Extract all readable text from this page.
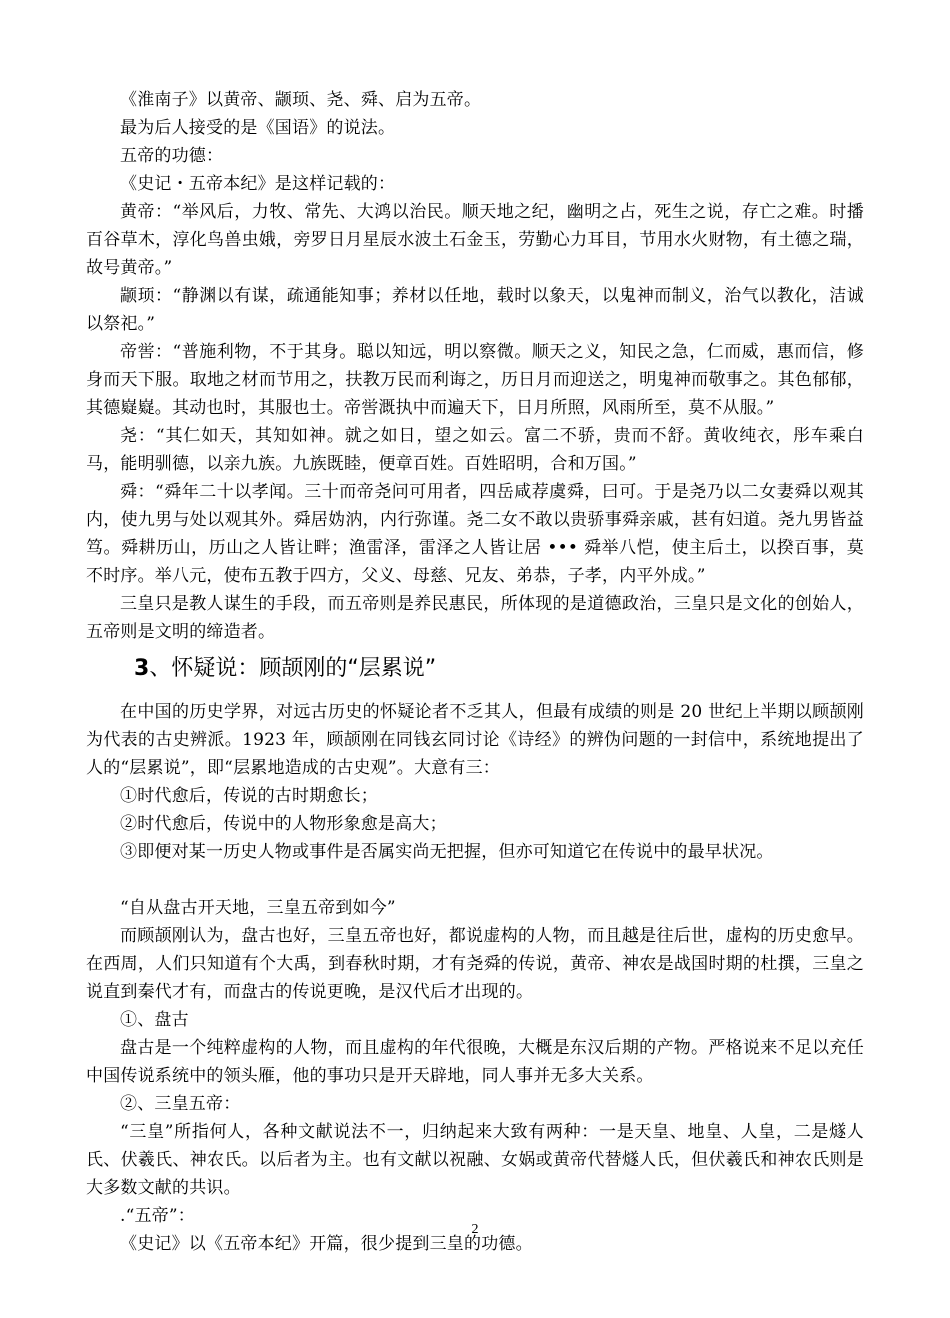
《淮南子》以黄帝、颛顼、尧、舜、启为五帝。

最为后人接受的是《国语》的说法。

五帝的功德：

《史记・五帝本纪》是这样记载的：

黄帝：“举风后，力牧、常先、大鸿以治民。顺天地之纪，幽明之占，死生之说，存亡之难。时播百谷草木，淳化鸟兽虫娥，旁罗日月星辰水波土石金玉，劳勤心力耳目，节用水火财物，有土德之瑞，故号黄帝。”

颛顼：“静渊以有谋，疏通能知事；养材以任地，载时以象天，以鬼神而制义，治气以教化，洁诚以祭祀。”

帝喾：“普施利物，不于其身。聪以知远，明以察微。顺天之义，知民之急，仁而威，惠而信，修身而天下服。取地之材而节用之，扶教万民而利诲之，历日月而迎送之，明鬼神而敬事之。其色郁郁，其德嶷嶷。其动也时，其服也士。帝喾溉执中而遍天下，日月所照，风雨所至，莫不从服。”

尧：“其仁如天，其知如神。就之如日，望之如云。富二不骄，贵而不舒。黄收纯衣，彤车乘白马，能明驯德，以亲九族。九族既睦，便章百姓。百姓昭明，合和万国。”

舜：“舜年二十以孝闻。三十而帝尧问可用者，四岳咸荐虞舜，曰可。于是尧乃以二女妻舜以观其内，使九男与处以观其外。舜居妫汭，内行弥谨。尧二女不敢以贵骄事舜亲戚，甚有妇道。尧九男皆益笃。舜耕历山，历山之人皆让畔；渔雷泽，雷泽之人皆让居 ••• 舜举八恺，使主后土，以揆百事，莫不时序。举八元，使布五教于四方，父义、母慈、兄友、弟恭，子孝，内平外成。”

三皇只是教人谋生的手段，而五帝则是养民惠民，所体现的是道德政治，三皇只是文化的创始人，五帝则是文明的缔造者。

3、怀疑说：顾颉刚的“层累说”

在中国的历史学界，对远古历史的怀疑论者不乏其人，但最有成绩的则是 20 世纪上半期以顾颉刚为代表的古史辨派。1923 年，顾颉刚在同钱玄同讨论《诗经》的辨伪问题的一封信中，系统地提出了人的“层累说”，即“层累地造成的古史观”。大意有三：

①时代愈后，传说的古时期愈长；

②时代愈后，传说中的人物形象愈是高大；

③即便对某一历史人物或事件是否属实尚无把握，但亦可知道它在传说中的最早状况。

“自从盘古开天地，三皇五帝到如今”

而顾颉刚认为，盘古也好，三皇五帝也好，都说虚构的人物，而且越是往后世，虚构的历史愈早。在西周，人们只知道有个大禹，到春秋时期，才有尧舜的传说，黄帝、神农是战国时期的杜撰，三皇之说直到秦代才有，而盘古的传说更晚，是汉代后才出现的。

①、盘古

盘古是一个纯粹虚构的人物，而且虚构的年代很晚，大概是东汉后期的产物。严格说来不足以充任中国传说系统中的领头雁，他的事功只是开天辟地，同人事并无多大关系。

②、三皇五帝：

“三皇”所指何人，各种文献说法不一，归纳起来大致有两种：一是天皇、地皇、人皇，二是燧人氏、伏羲氏、神农氏。以后者为主。也有文献以祝融、女娲或黄帝代替燧人氏，但伏羲氏和神农氏则是大多数文献的共识。

.“五帝”：

《史记》以《五帝本纪》开篇，很少提到三皇的功德。

2
